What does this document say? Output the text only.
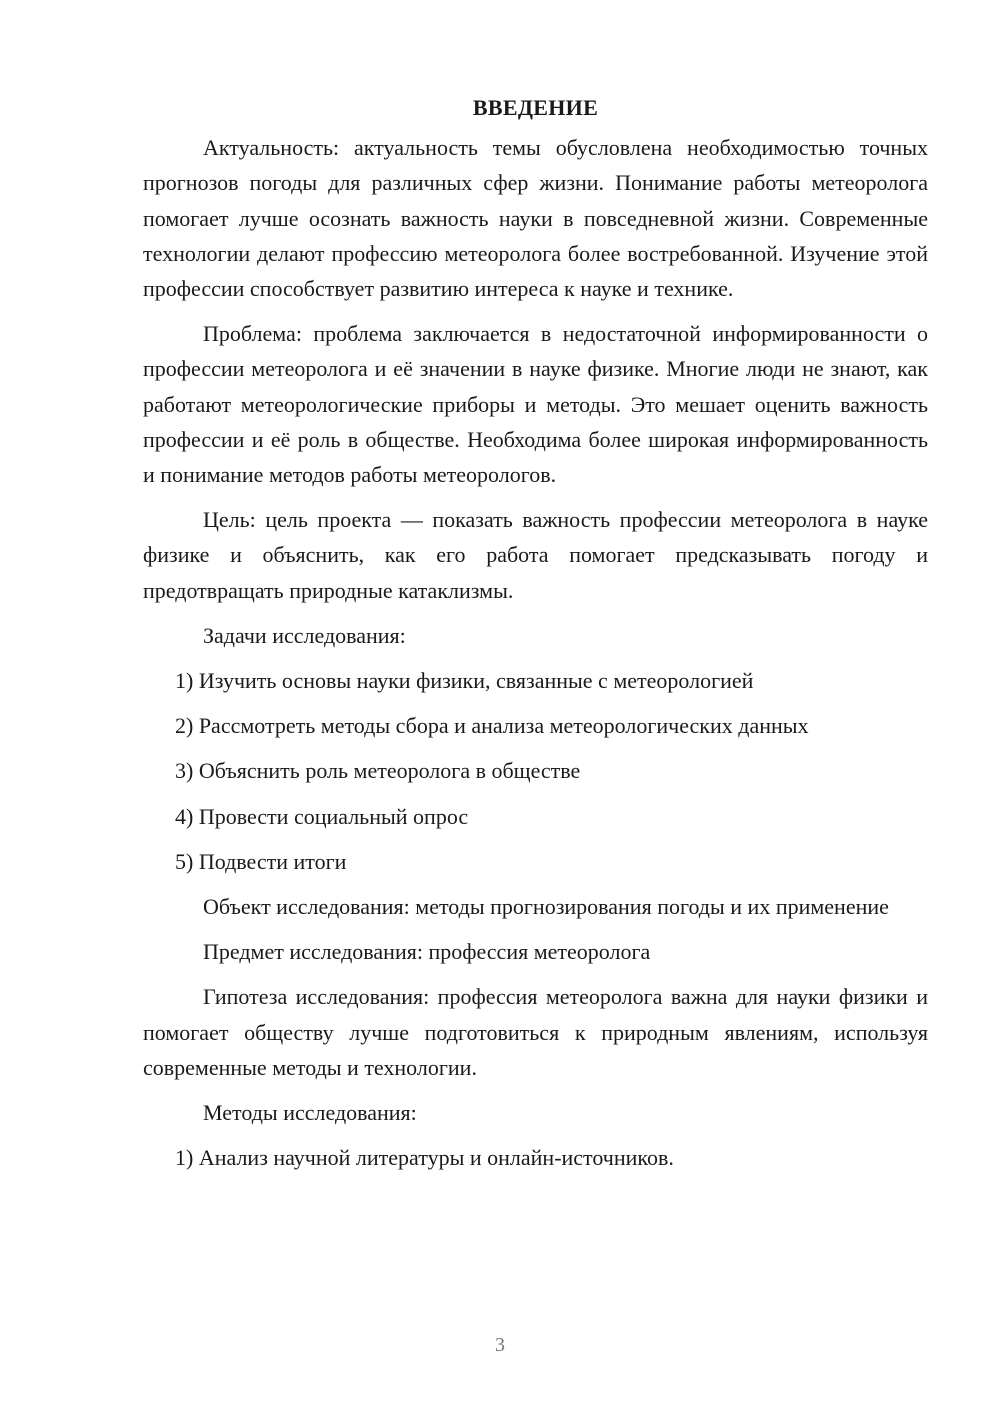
ВВЕДЕНИЕ

Актуальность: актуальность темы обусловлена необходимостью точных прогнозов погоды для различных сфер жизни. Понимание работы метеоролога помогает лучше осознать важность науки в повседневной жизни. Современные технологии делают профессию метеоролога более востребованной. Изучение этой профессии способствует развитию интереса к науке и технике.

Проблема: проблема заключается в недостаточной информированности о профессии метеоролога и её значении в науке физике. Многие люди не знают, как работают метеорологические приборы и методы. Это мешает оценить важность профессии и её роль в обществе. Необходима более широкая информированность и понимание методов работы метеорологов.

Цель: цель проекта — показать важность профессии метеоролога в науке физике и объяснить, как его работа помогает предсказывать погоду и предотвращать природные катаклизмы.

Задачи исследования:

1) Изучить основы науки физики, связанные с метеорологией

2) Рассмотреть методы сбора и анализа метеорологических данных

3) Объяснить роль метеоролога в обществе

4) Провести социальный опрос

5) Подвести итоги

Объект исследования: методы прогнозирования погоды и их применение

Предмет исследования: профессия метеоролога

Гипотеза исследования: профессия метеоролога важна для науки физики и помогает обществу лучше подготовиться к природным явлениям, используя современные методы и технологии.

Методы исследования:

1) Анализ научной литературы и онлайн-источников.

3
